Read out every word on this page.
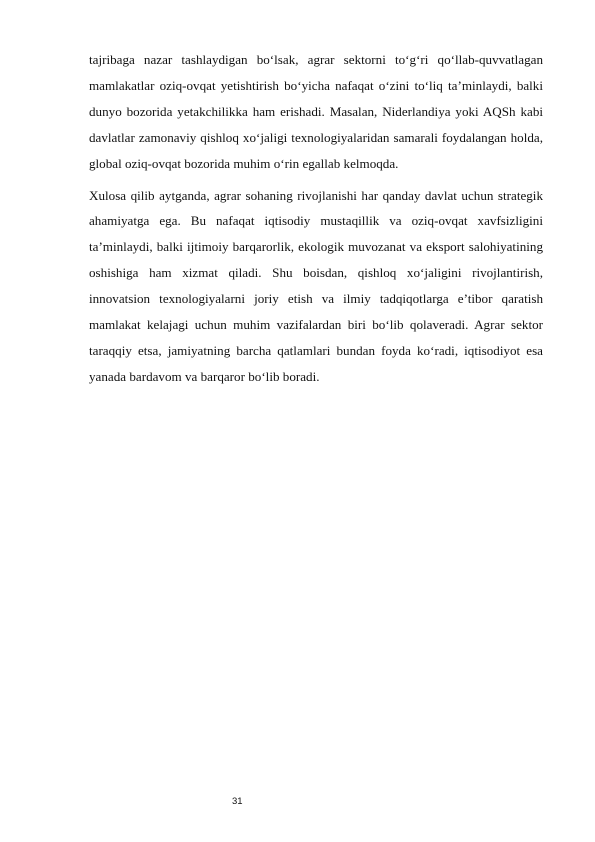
tajribaga nazar tashlaydigan bo‘lsak, agrar sektorni to‘g‘ri qo‘llab-quvvatlagan mamlakatlar oziq-ovqat yetishtirish bo‘yicha nafaqat o‘zini to‘liq ta’minlaydi, balki dunyo bozorida yetakchilikka ham erishadi. Masalan, Niderlandiya yoki AQSh kabi davlatlar zamonaviy qishloq xo‘jaligi texnologiyalaridan samarali foydalangan holda, global oziq-ovqat bozorida muhim o‘rin egallab kelmoqda.

Xulosa qilib aytganda, agrar sohaning rivojlanishi har qanday davlat uchun strategik ahamiyatga ega. Bu nafaqat iqtisodiy mustaqillik va oziq-ovqat xavfsizligini ta’minlaydi, balki ijtimoiy barqarorlik, ekologik muvozanat va eksport salohiyatining oshishiga ham xizmat qiladi. Shu boisdan, qishloq xo‘jaligini rivojlantirish, innovatsion texnologiyalarni joriy etish va ilmiy tadqiqotlarga e’tibor qaratish mamlakat kelajagi uchun muhim vazifalardan biri bo‘lib qolaveradi. Agrar sektor taraqqiy etsa, jamiyatning barcha qatlamlari bundan foyda ko‘radi, iqtisodiyot esa yanada bardavom va barqaror bo‘lib boradi.

31
